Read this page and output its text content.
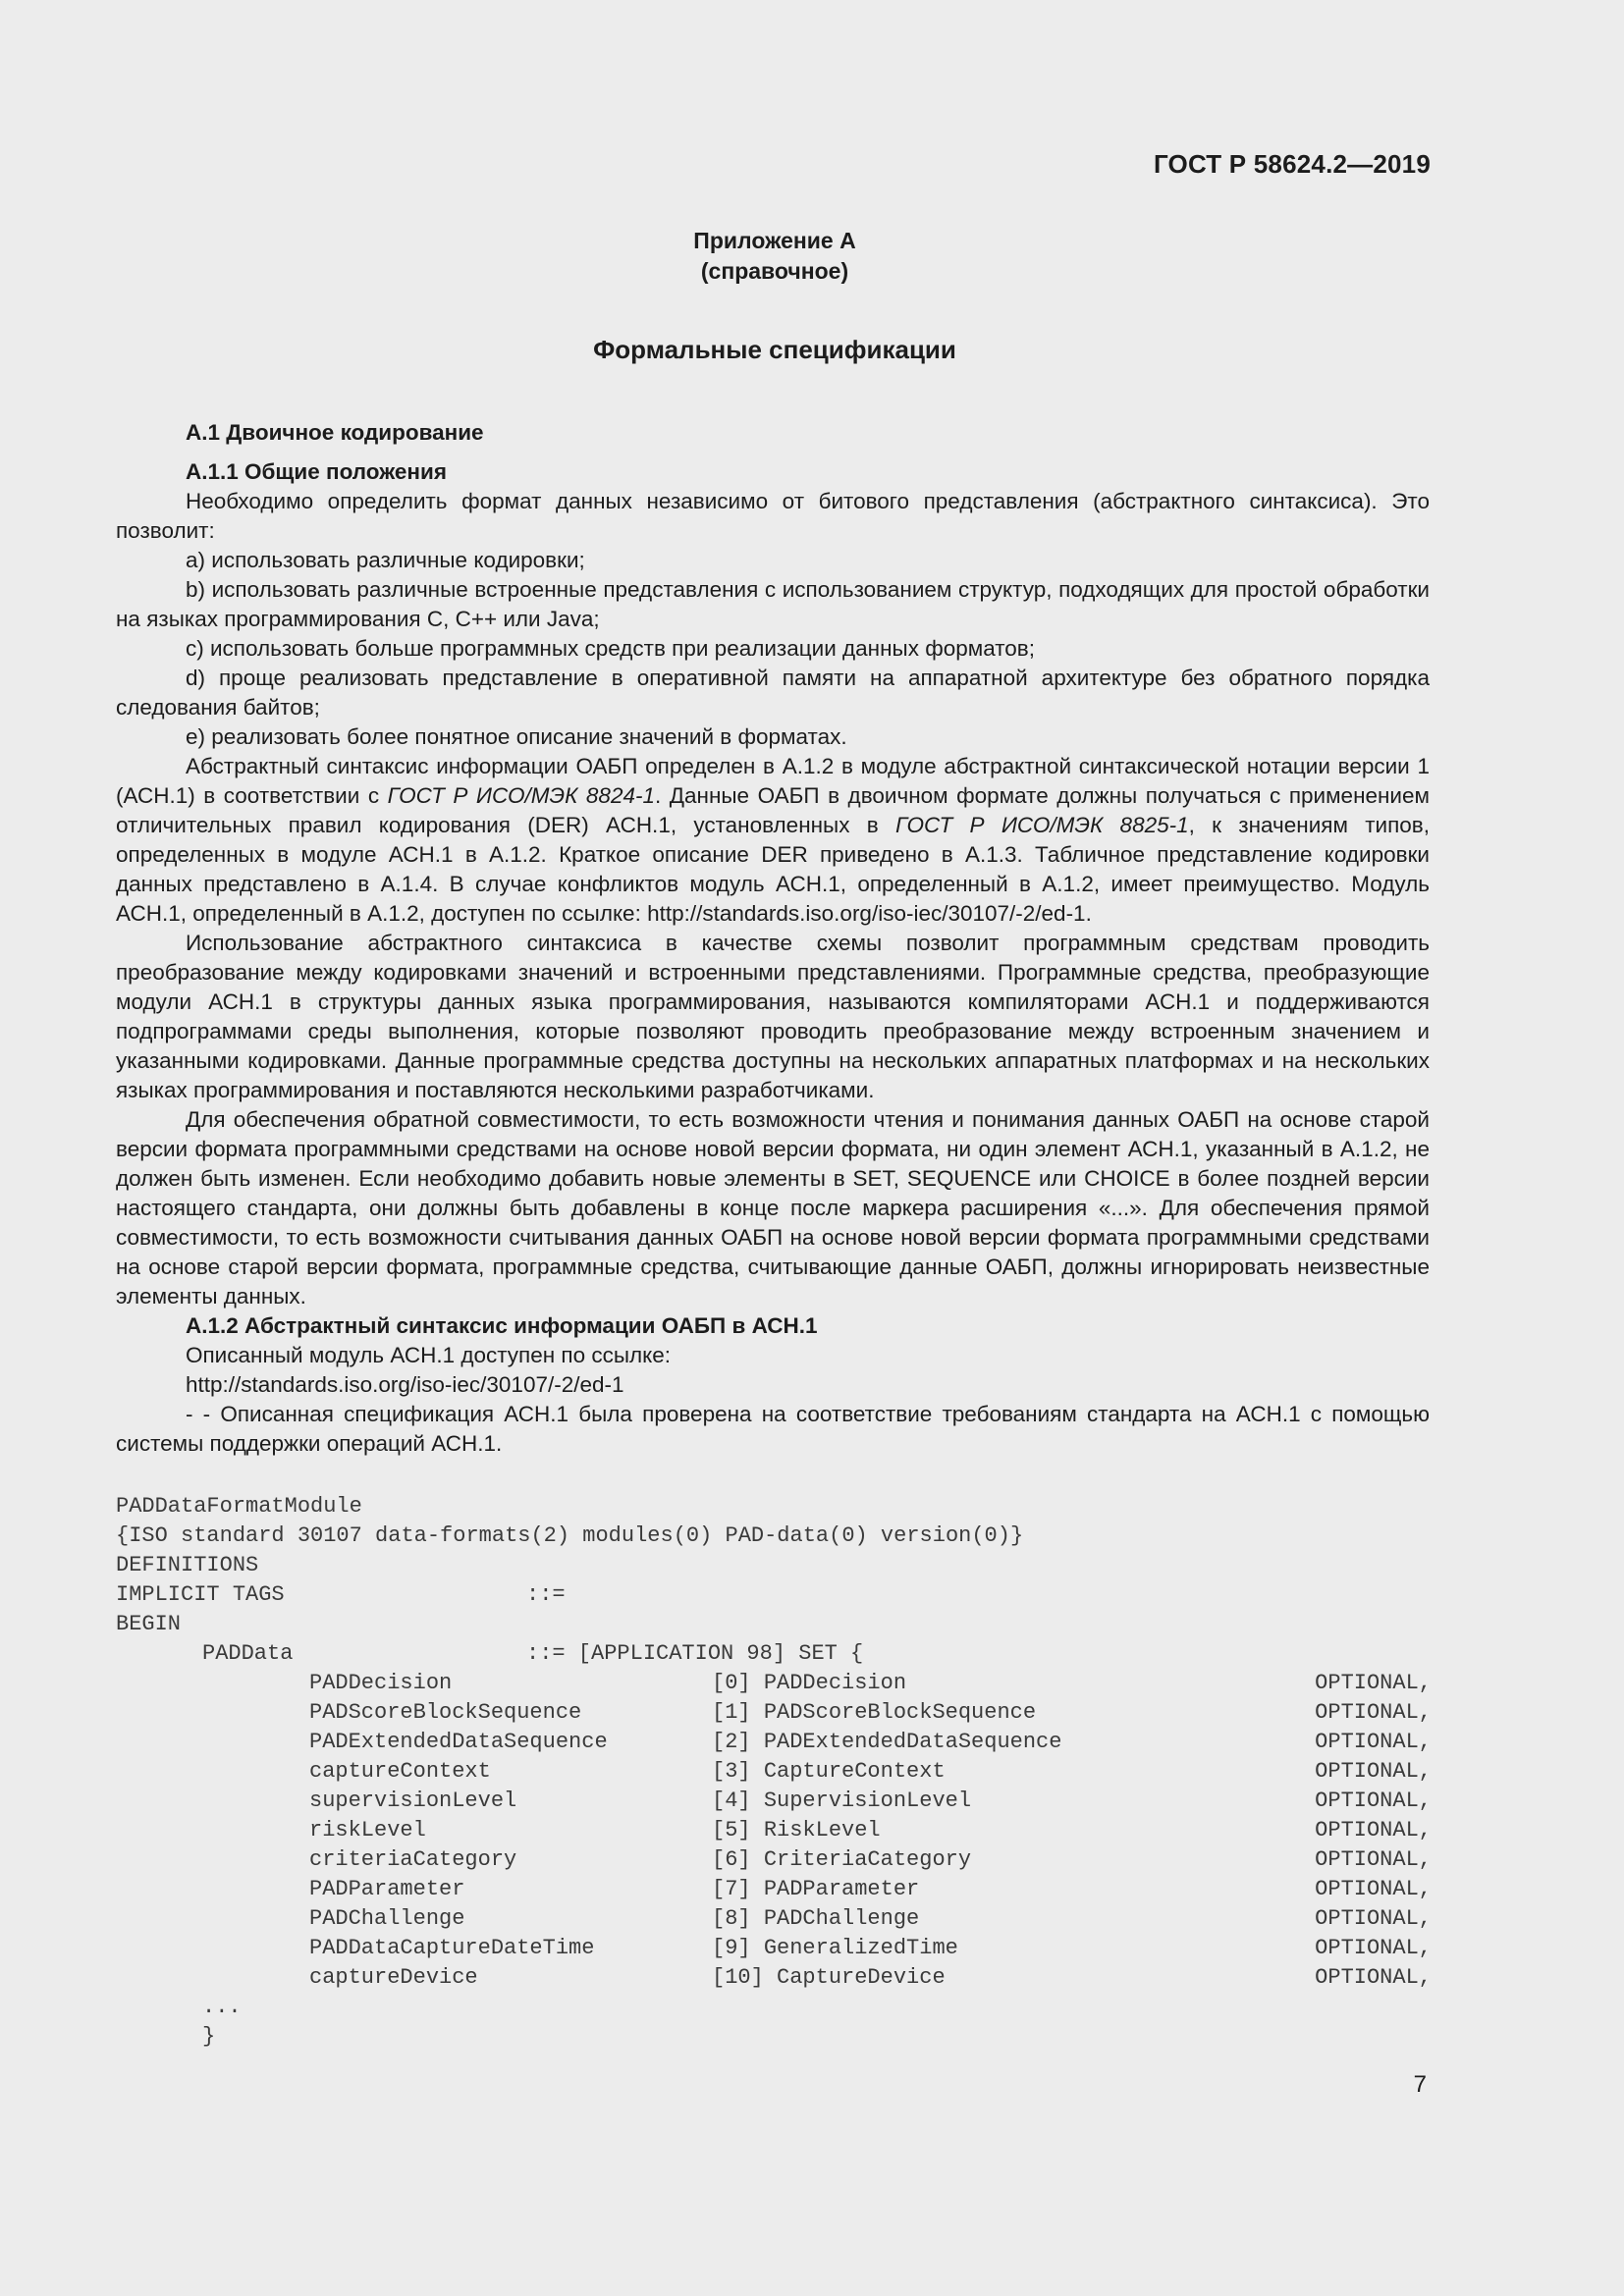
ГОСТ Р 58624.2—2019
Приложение А
(справочное)
Формальные спецификации

А.1 Двоичное кодирование

А.1.1 Общие положения

Необходимо определить формат данных независимо от битового представления (абстрактного синтаксиса). Это позволит:

a) использовать различные кодировки;

b) использовать различные встроенные представления с использованием структур, подходящих для простой обработки на языках программирования C, C++ или Java;

c) использовать больше программных средств при реализации данных форматов;

d) проще реализовать представление в оперативной памяти на аппаратной архитектуре без обратного порядка следования байтов;

e) реализовать более понятное описание значений в форматах.

Абстрактный синтаксис информации ОАБП определен в А.1.2 в модуле абстрактной синтаксической нотации версии 1 (АСН.1) в соответствии с ГОСТ Р ИСО/МЭК 8824-1. Данные ОАБП в двоичном формате должны получаться с применением отличительных правил кодирования (DER) АСН.1, установленных в ГОСТ Р ИСО/МЭК 8825-1, к значениям типов, определенных в модуле АСН.1 в А.1.2. Краткое описание DER приведено в А.1.3. Табличное представление кодировки данных представлено в А.1.4. В случае конфликтов модуль АСН.1, определенный в А.1.2, имеет преимущество. Модуль АСН.1, определенный в А.1.2, доступен по ссылке: http://standards.iso.org/iso-iec/30107/-2/ed-1.

Использование абстрактного синтаксиса в качестве схемы позволит программным средствам проводить преобразование между кодировками значений и встроенными представлениями. Программные средства, преобразующие модули АСН.1 в структуры данных языка программирования, называются компиляторами АСН.1 и поддерживаются подпрограммами среды выполнения, которые позволяют проводить преобразование между встроенным значением и указанными кодировками. Данные программные средства доступны на нескольких аппаратных платформах и на нескольких языках программирования и поставляются несколькими разработчиками.

Для обеспечения обратной совместимости, то есть возможности чтения и понимания данных ОАБП на основе старой версии формата программными средствами на основе новой версии формата, ни один элемент АСН.1, указанный в А.1.2, не должен быть изменен. Если необходимо добавить новые элементы в SET, SEQUENCE или CHOICE в более поздней версии настоящего стандарта, они должны быть добавлены в конце после маркера расширения «...». Для обеспечения прямой совместимости, то есть возможности считывания данных ОАБП на основе новой версии формата программными средствами на основе старой версии формата, программные средства, считывающие данные ОАБП, должны игнорировать неизвестные элементы данных.

А.1.2 Абстрактный синтаксис информации ОАБП в АСН.1

Описанный модуль АСН.1 доступен по ссылке:

http://standards.iso.org/iso-iec/30107/-2/ed-1

- - Описанная спецификация АСН.1 была проверена на соответствие требованиям стандарта на АСН.1 с помощью системы поддержки операций АСН.1.

PADDataFormatModule
{ISO standard 30107 data-formats(2) modules(0) PAD-data(0) version(0)}
DEFINITIONS
IMPLICIT TAGS	::=
BEGIN
PADData	::= [APPLICATION 98] SET {
PADDecision	[0] PADDecision	OPTIONAL,
PADScoreBlockSequence	[1] PADScoreBlockSequence	OPTIONAL,
PADExtendedDataSequence	[2] PADExtendedDataSequence	OPTIONAL,
captureContext	[3] CaptureContext	OPTIONAL,
supervisionLevel	[4] SupervisionLevel	OPTIONAL,
riskLevel	[5] RiskLevel	OPTIONAL,
criteriaCategory	[6] CriteriaCategory	OPTIONAL,
PADParameter	[7] PADParameter	OPTIONAL,
PADChallenge	[8] PADChallenge	OPTIONAL,
PADDataCaptureDateTime	[9] GeneralizedTime	OPTIONAL,
captureDevice	[10] CaptureDevice	OPTIONAL,
...
}
7
